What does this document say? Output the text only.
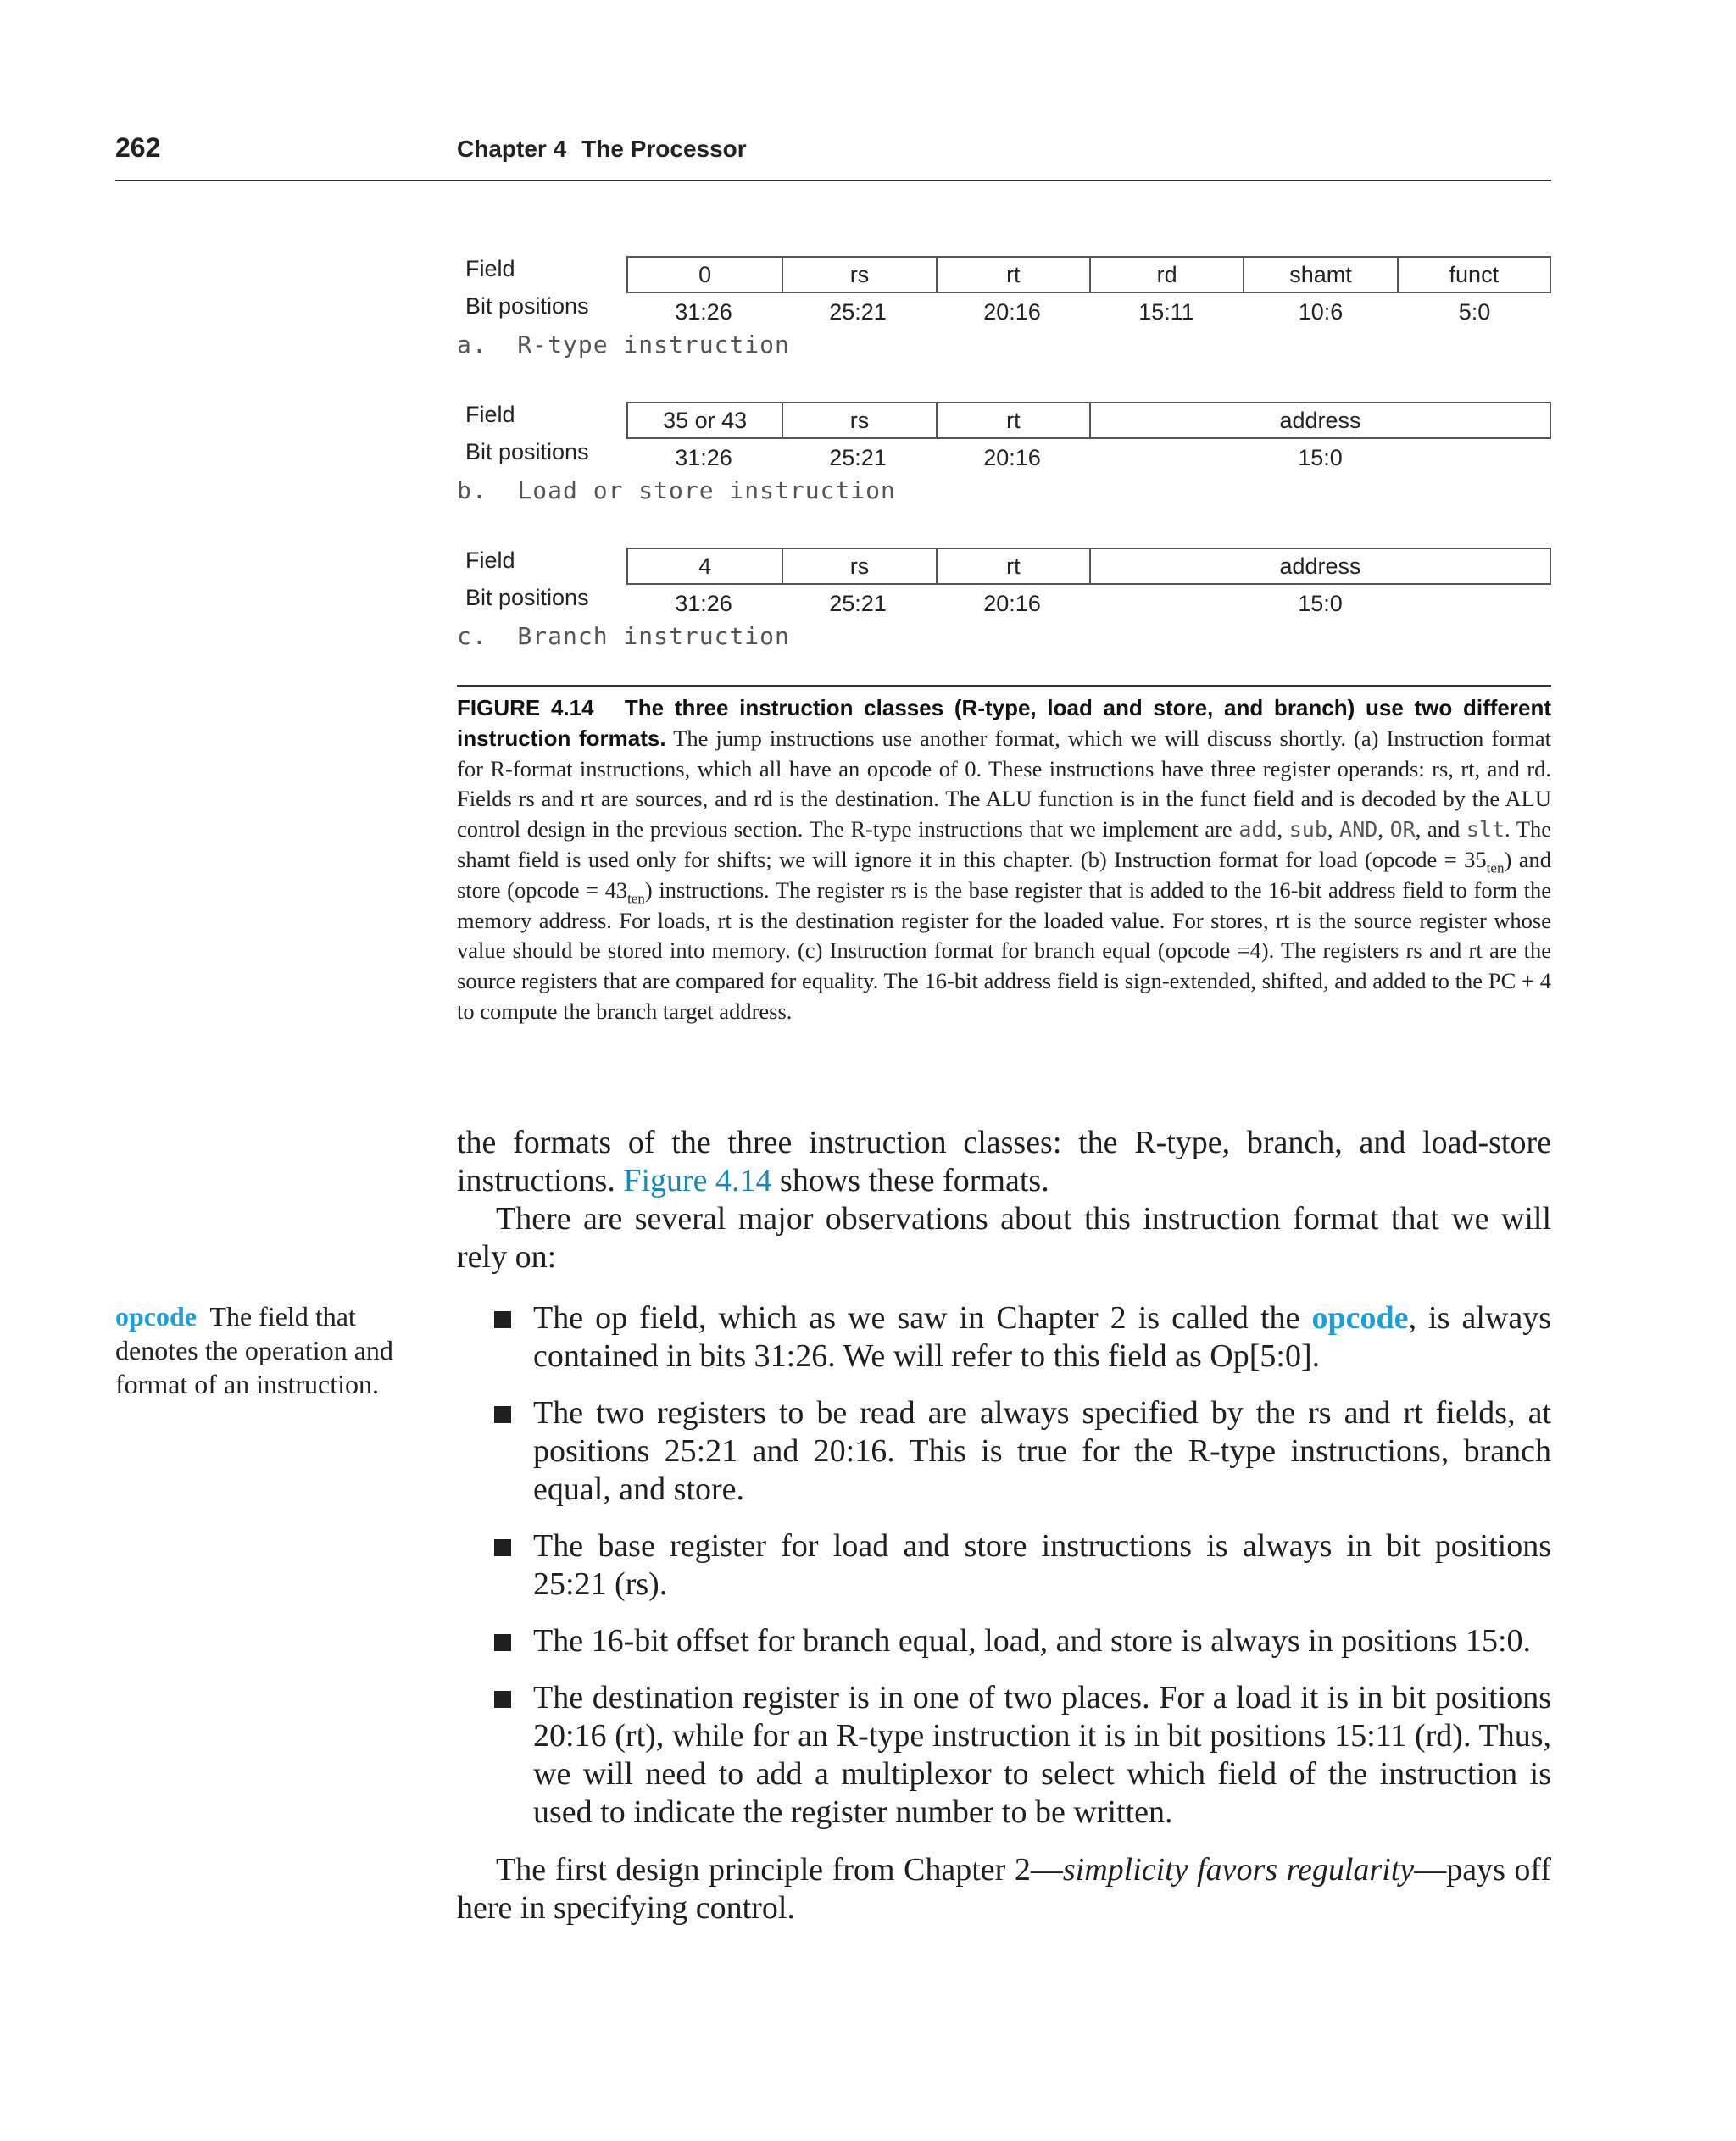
262	Chapter 4 The Processor
Field	0	rs	rt	rd	shamt	funct
Bit positions	31:26	25:21	20:16	15:11	10:6	5:0
a.  R-type instruction
Field	35 or 43	rs	rt	address
Bit positions	31:26	25:21	20:16	15:0
b.  Load or store instruction
Field	4	rs	rt	address
Bit positions	31:26	25:21	20:16	15:0
c.  Branch instruction
FIGURE 4.14 The three instruction classes (R-type, load and store, and branch) use two different instruction formats. The jump instructions use another format, which we will discuss shortly. (a) Instruction format for R-format instructions, which all have an opcode of 0. These instructions have three register operands: rs, rt, and rd. Fields rs and rt are sources, and rd is the destination. The ALU function is in the funct field and is decoded by the ALU control design in the previous section. The R-type instructions that we implement are add, sub, AND, OR, and slt. The shamt field is used only for shifts; we will ignore it in this chapter. (b) Instruction format for load (opcode = $35_{ten}$) and store (opcode = $43_{ten}$) instructions. The register rs is the base register that is added to the 16-bit address field to form the memory address. For loads, rt is the destination register for the loaded value. For stores, rt is the source register whose value should be stored into memory. (c) Instruction format for branch equal (opcode =4). The registers rs and rt are the source registers that are compared for equality. The 16-bit address field is sign-extended, shifted, and added to the PC + 4 to compute the branch target address.
the formats of the three instruction classes: the R-type, branch, and load-store instructions. Figure 4.14 shows these formats.
There are several major observations about this instruction format that we will rely on:
opcode The field that denotes the operation and format of an instruction.
The op field, which as we saw in Chapter 2 is called the opcode, is always contained in bits 31:26. We will refer to this field as Op[5:0].
The two registers to be read are always specified by the rs and rt fields, at positions 25:21 and 20:16. This is true for the R-type instructions, branch equal, and store.
The base register for load and store instructions is always in bit positions 25:21 (rs).
The 16-bit offset for branch equal, load, and store is always in positions 15:0.
The destination register is in one of two places. For a load it is in bit positions 20:16 (rt), while for an R-type instruction it is in bit positions 15:11 (rd). Thus, we will need to add a multiplexor to select which field of the instruction is used to indicate the register number to be written.
The first design principle from Chapter 2—simplicity favors regularity—pays off here in specifying control.
